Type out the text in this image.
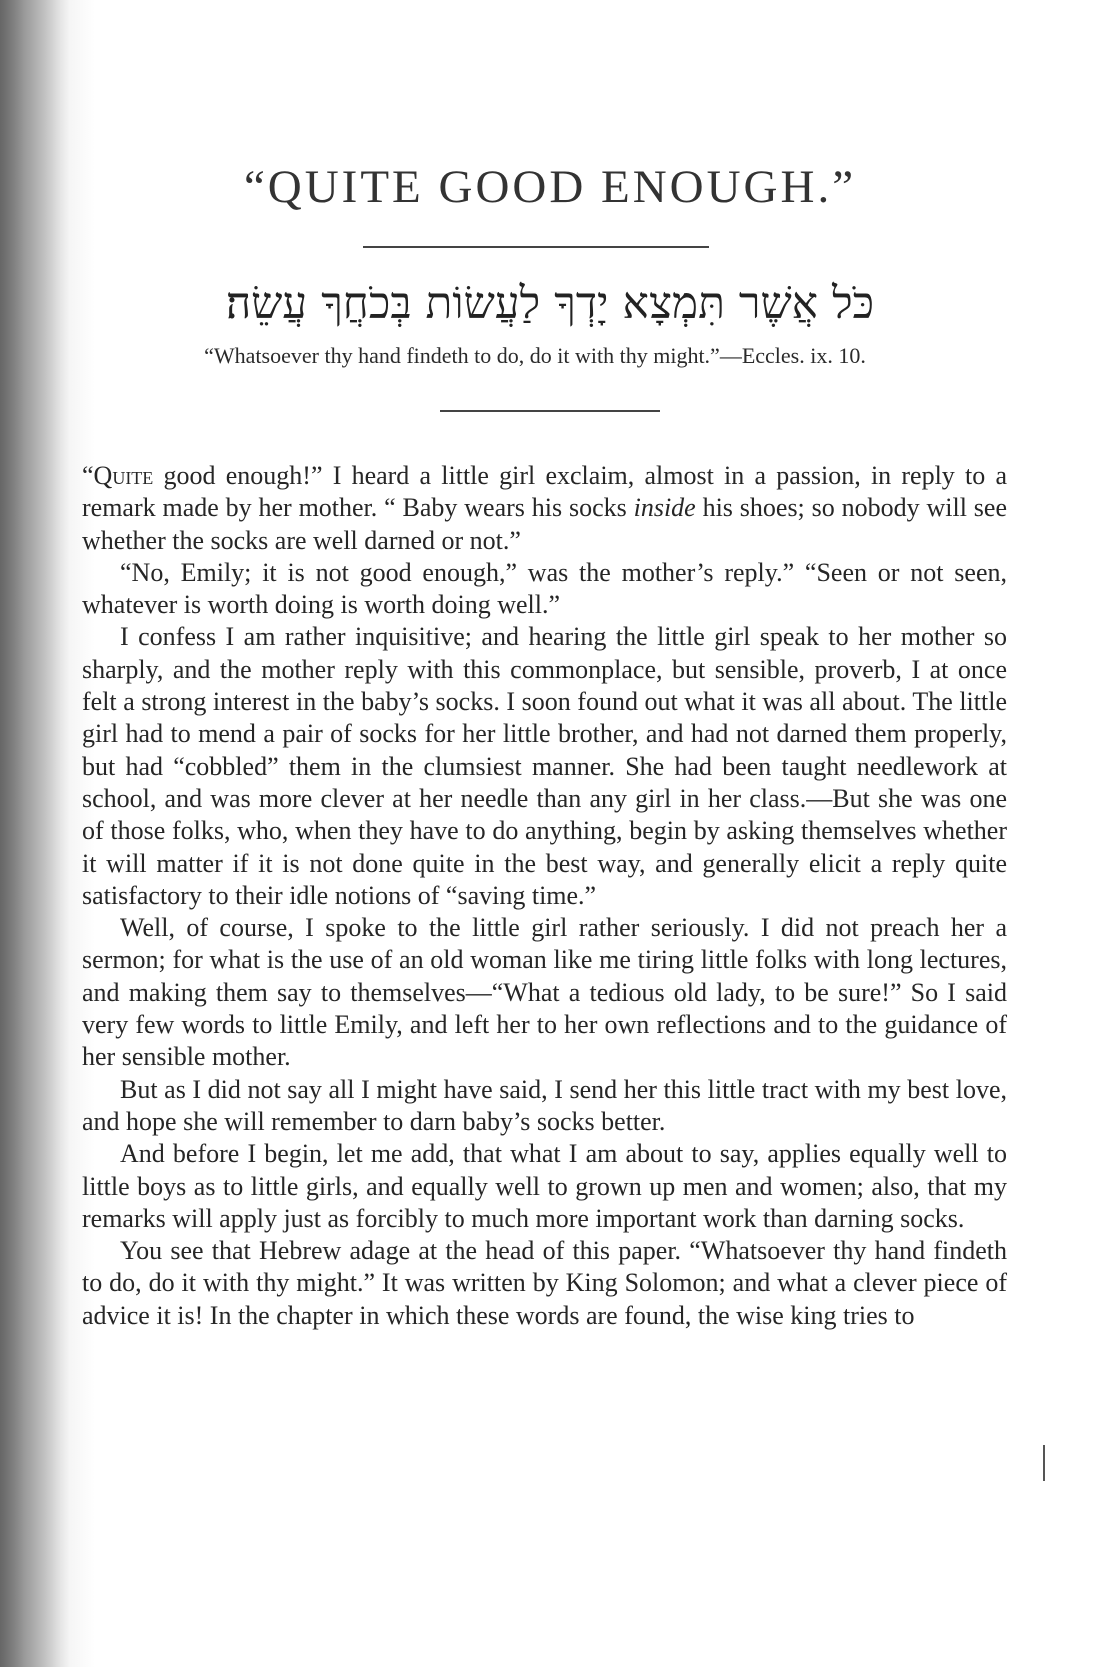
“QUITE GOOD ENOUGH.”
כֹּל אֲשֶׁר תִּמְצָא יָדְךָ לַעֲשׂוֹת בְּכֹחֲךָ עֲשֵׂה׃
“Whatsoever thy hand findeth to do, do it with thy might.”—Eccles. ix. 10.

“Quite good enough!” I heard a little girl exclaim, almost in a passion, in reply to a remark made by her mother. “ Baby wears his socks inside his shoes; so nobody will see whether the socks are well darned or not.”

“No, Emily; it is not good enough,” was the mother’s reply.” “Seen or not seen, whatever is worth doing is worth doing well.”

I confess I am rather inquisitive; and hearing the little girl speak to her mother so sharply, and the mother reply with this commonplace, but sensible, proverb, I at once felt a strong interest in the baby’s socks. I soon found out what it was all about. The little girl had to mend a pair of socks for her little brother, and had not darned them properly, but had “cobbled” them in the clumsiest manner. She had been taught needlework at school, and was more clever at her needle than any girl in her class.—But she was one of those folks, who, when they have to do anything, begin by asking themselves whether it will matter if it is not done quite in the best way, and generally elicit a reply quite satisfactory to their idle notions of “saving time.”

Well, of course, I spoke to the little girl rather seriously. I did not preach her a sermon; for what is the use of an old woman like me tiring little folks with long lectures, and making them say to themselves—“What a tedious old lady, to be sure!” So I said very few words to little Emily, and left her to her own reflections and to the guidance of her sensible mother.

But as I did not say all I might have said, I send her this little tract with my best love, and hope she will remember to darn baby’s socks better.

And before I begin, let me add, that what I am about to say, applies equally well to little boys as to little girls, and equally well to grown up men and women; also, that my remarks will apply just as forcibly to much more important work than darning socks.

You see that Hebrew adage at the head of this paper. “Whatsoever thy hand findeth to do, do it with thy might.” It was written by King Solomon; and what a clever piece of advice it is! In the chapter in which these words are found, the wise king tries to
